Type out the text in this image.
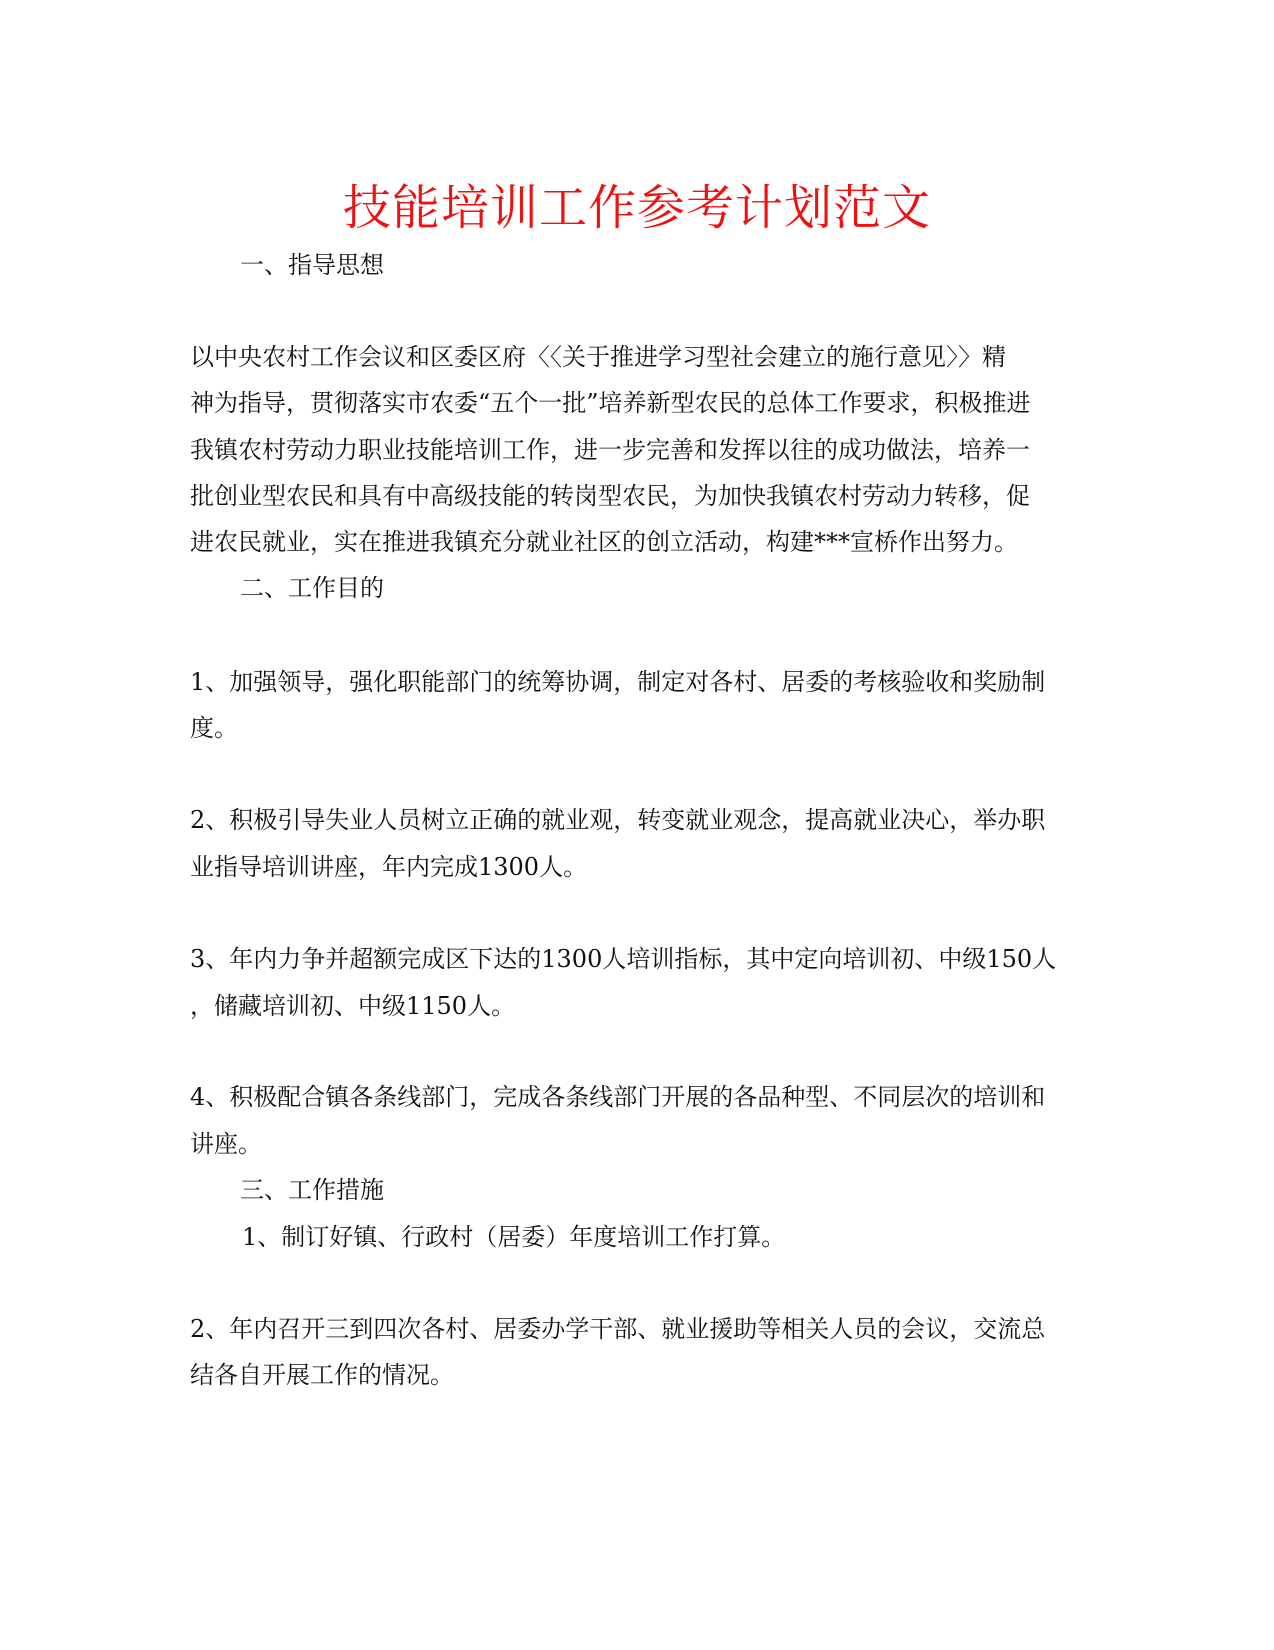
技能培训工作参考计划范文
一、指导思想
以中央农村工作会议和区委区府〈〈关于推进学习型社会建立的施行意见〉〉精
神为指导，贯彻落实市农委“五个一批”培养新型农民的总体工作要求，积极推进
我镇农村劳动力职业技能培训工作，进一步完善和发挥以往的成功做法，培养一
批创业型农民和具有中高级技能的转岗型农民，为加快我镇农村劳动力转移，促
进农民就业，实在推进我镇充分就业社区的创立活动，构建***宣桥作出努力。
二、工作目的
1、加强领导，强化职能部门的统筹协调，制定对各村、居委的考核验收和奖励制
度。
2、积极引导失业人员树立正确的就业观，转变就业观念，提高就业决心，举办职
业指导培训讲座，年内完成1300人。
3、年内力争并超额完成区下达的1300人培训指标，其中定向培训初、中级150人
，储藏培训初、中级1150人。
4、积极配合镇各条线部门，完成各条线部门开展的各品种型、不同层次的培训和
讲座。
三、工作措施
1、制订好镇、行政村（居委）年度培训工作打算。
2、年内召开三到四次各村、居委办学干部、就业援助等相关人员的会议，交流总
结各自开展工作的情况。
